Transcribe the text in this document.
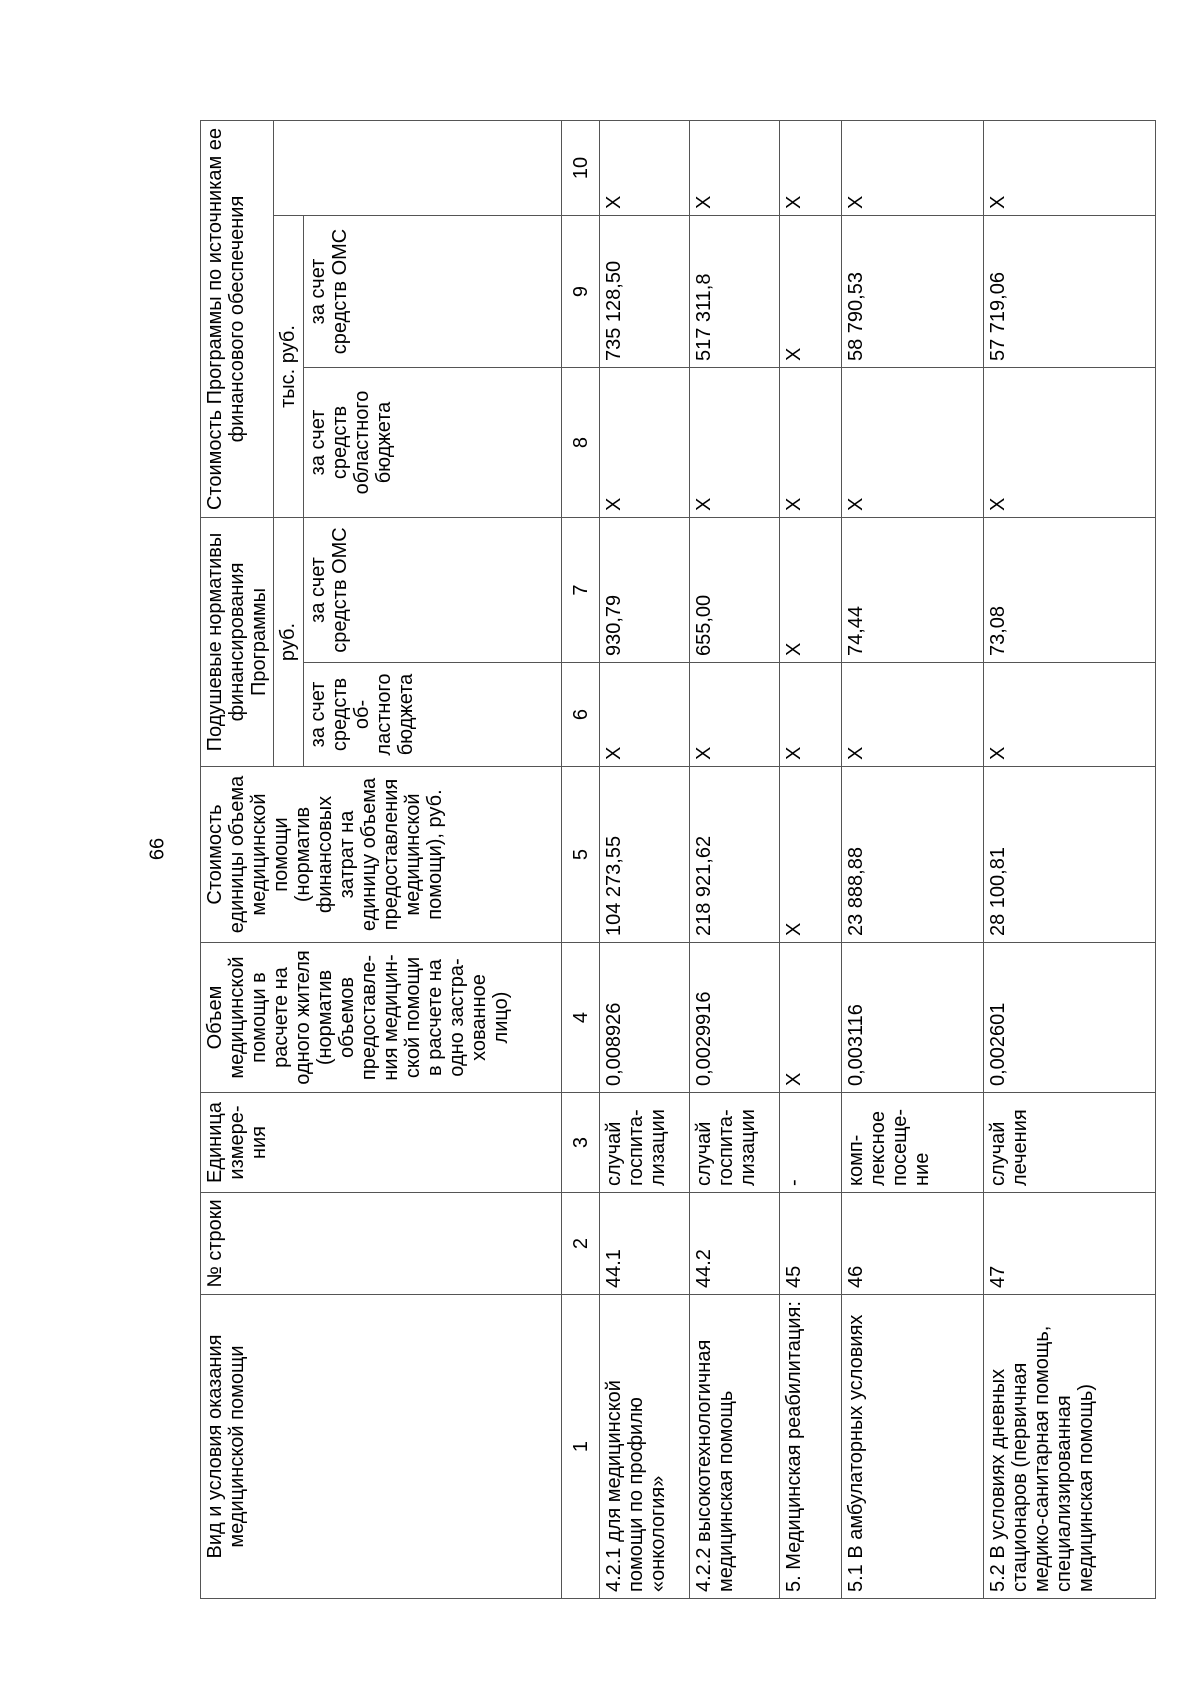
66
Вид и условия оказания медицинской помощи	№ строки	Единица измере-ния	Объем медицинской помощи в расчете на одного жителя (норматив объемов предоставле-ния медицин-ской помощи в расчете на одно застра-хованное лицо)	Стоимость единицы объема медицинской помощи (норматив финансовых затрат на единицу объема предоставления медицинской помощи), руб.	Подушевые нормативы финансирования Программы		Стоимость Программы по источникам ее финансового обеспечения		
					руб.		тыс. руб.		
					за счет средств об-ластного бюджета	за счет средств ОМС	за счет средств областного бюджета	за счет средств ОМС	
1	2	3	4	5	6	7	8	9	10
4.2.1 для медицинской помощи по профилю «онкология»	44.1	случай госпита-лизации	0,008926	104 273,55	X	930,79	X	735 128,50	X
4.2.2 высокотехнологичная медицинская помощь	44.2	случай госпита-лизации	0,0029916	218 921,62	X	655,00	X	517 311,8	X
5. Медицинская реабилитация:	45	-	X	X	X	X	X	X	X
5.1 В амбулаторных условиях	46	комп-лексное посеще-ние	0,003116	23 888,88	X	74,44	X	58 790,53	X
5.2 В условиях дневных стационаров (первичная медико-санитарная помощь, специализированная медицинская помощь)	47	случай лечения	0,002601	28 100,81	X	73,08	X	57 719,06	X
